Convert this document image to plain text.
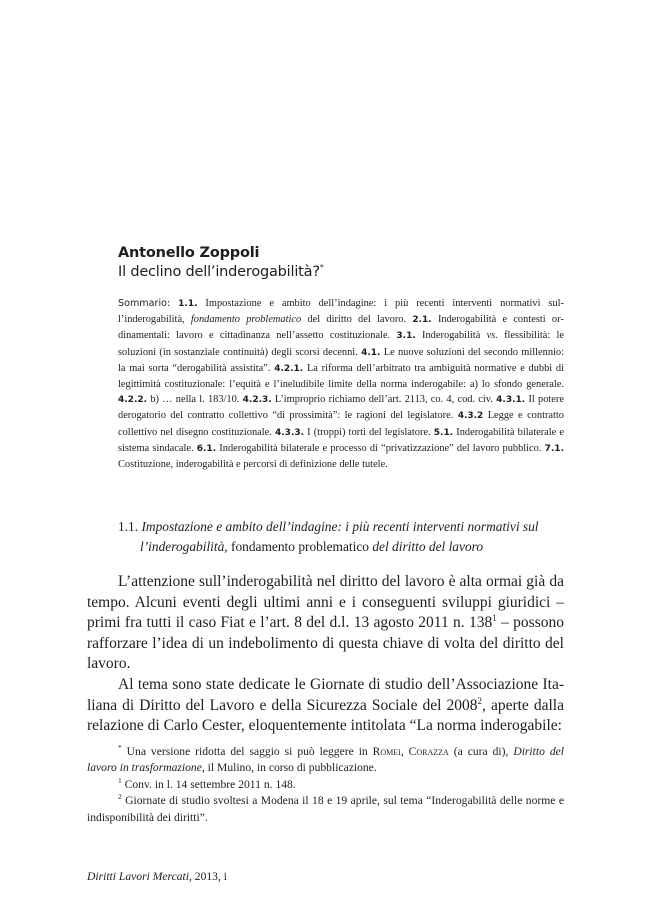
Antonello Zoppoli
Il declino dell’inderogabilità?*
Sommario: 1.1. Impostazione e ambito dell’indagine: i più recenti interventi normativi sull’inderogabilità, fondamento problematico del diritto del lavoro. 2.1. Inderogabilità e contesti ordinamentali: lavoro e cittadinanza nell’assetto costituzionale. 3.1. Inderogabilità vs. flessibilità: le soluzioni (in sostanziale continuità) degli scorsi decenni. 4.1. Le nuove soluzioni del secondo millennio: la mai sorta “derogabilità assistita”. 4.2.1. La riforma dell’arbitrato tra ambiguità normative e dubbi di legittimità costituzionale: l’equità e l’ineludibile limite della norma inderogabile: a) lo sfondo generale. 4.2.2. b) … nella l. 183/10. 4.2.3. L’improprio richiamo dell’art. 2113, co. 4, cod. civ. 4.3.1. Il potere derogatorio del contratto collettivo “di prossimità”: le ragioni del legislatore. 4.3.2 Legge e contratto collettivo nel disegno costituzionale. 4.3.3. I (troppi) torti del legislatore. 5.1. Inderogabilità bilaterale e sistema sindacale. 6.1. Inderogabilità bilaterale e processo di “privatizzazione” del lavoro pubblico. 7.1. Costituzione, inderogabilità e percorsi di definizione delle tutele.
1.1. Impostazione e ambito dell’indagine: i più recenti interventi normativi sul
l’inderogabilità, fondamento problematico del diritto del lavoro

L’attenzione sull’inderogabilità nel diritto del lavoro è alta ormai già da tempo. Alcuni eventi degli ultimi anni e i conseguenti sviluppi giuridici – primi fra tutti il caso Fiat e l’art. 8 del d.l. 13 agosto 2011 n. $138^1$ – possono rafforzare l’idea di un indebolimento di questa chiave di volta del diritto del lavoro.

Al tema sono state dedicate le Giornate di studio dell’Associazione Italiana di Diritto del Lavoro e della Sicurezza Sociale del 2008$^2$, aperte dalla relazione di Carlo Cester, eloquentemente intitolata “La norma inderogabile:

* Una versione ridotta del saggio si può leggere in Romei, Corazza (a cura di), Diritto del lavoro in trasformazione, il Mulino, in corso di pubblicazione.

$^1$ Conv. in l. 14 settembre 2011 n. 148.

$^2$ Giornate di studio svoltesi a Modena il 18 e 19 aprile, sul tema “Inderogabilità delle norme e indisponibilità dei diritti”.

Diritti Lavori Mercati, 2013, i
